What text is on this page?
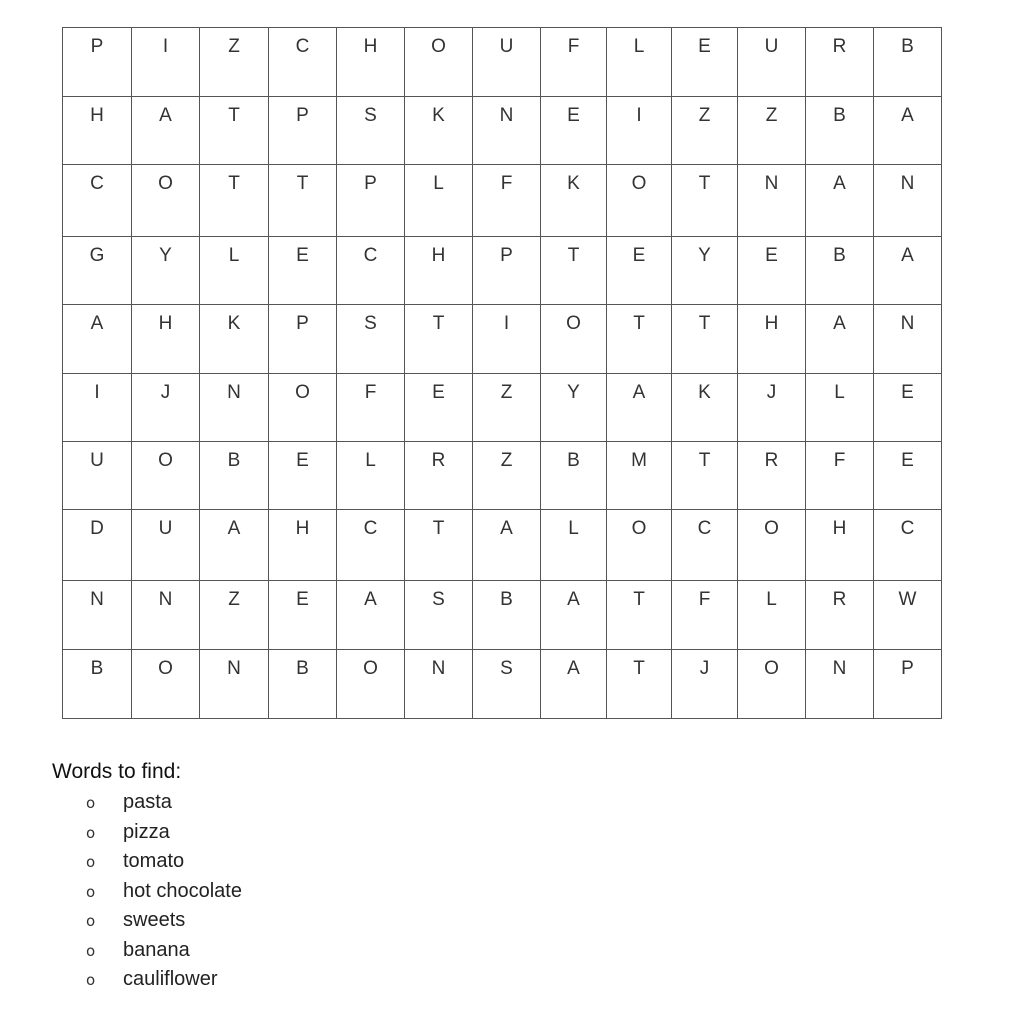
P	I	Z	C	H	O	U	F	L	E	U	R	B

H	A	T	P	S	K	N	E	I	Z	Z	B	A

C	O	T	T	P	L	F	K	O	T	N	A	N

G	Y	L	E	C	H	P	T	E	Y	E	B	A

A	H	K	P	S	T	I	O	T	T	H	A	N

I	J	N	O	F	E	Z	Y	A	K	J	L	E

U	O	B	E	L	R	Z	B	M	T	R	F	E

D	U	A	H	C	T	A	L	O	C	O	H	C

N	N	Z	E	A	S	B	A	T	F	L	R	W

B	O	N	B	O	N	S	A	T	J	O	N	P

Words to find:

o pasta
o pizza
o tomato
o hot chocolate
o sweets
o banana
o cauliflower
